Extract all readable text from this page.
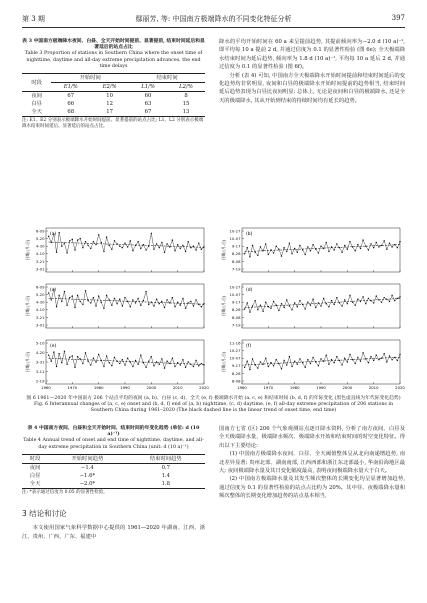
第 3 期	鄢丽芳, 等: 中国南方极端降水的不同变化特征分析	397
表 3 中国南方极端降水夜间、白昼、全天开始时间提前、显著提前, 结束时间延后和显著延后的站点占比
Table 3 Proportion of stations in Southern China where the onset time of nighttime, daytime and all-day extreme precipitation advances, the end time delays
时段	开始时间		结束时间	
	E1/%	E2/%	L1/%	L2/%
夜间	67	10	60	8
白昼	66	12	63	15
全天	68	17	67	13
注: E1、E2 分别表示极端降水开始时间提前、显著提前的站点占比; L1、L2 分别表示极端降水结束时间延后、显著延后的站点占比。

降水的平均开始时间在 60 a 来呈提前趋势, 其提前倾向率为−2.0 d (10 a)⁻¹, 即平均每 10 a 提前 2 d, 并通过信度为 0.1 的显著性检验 (图 6e); 全天极端降水结束时间为延后趋势, 倾向率为 1.8 d (10 a)⁻¹, 平均每 10 a 延后 2 d, 并通过信度为 0.1 的显著性检验 (图 6f)。

分析 (表 4) 可知, 中国南方全天极端降水开始时间提前和结束时间延后的变化趋势均非常明显, 夜间和白昼的极端降水开始时间提前的趋势相当, 结束时间延后趋势表现为白昼比夜间明显; 总体上, 无论是夜间和白昼的极端降水, 还是全天的极端降水, 其从开始到结束的持续时间均有延长的趋势。

6-09
5-20
4-30
4-10
3-21
3-01
日期/(月-日)
(a)
10-27
10-07
9-17
8-28
8-08
7-19
日期/(月-日)
(b)
6-09
5-20
4-30
4-10
3-21
3-01
日期/(月-日)
(c)
10-27
10-07
9-17
8-28
8-08
7-19
日期/(月-日)
(d)
5-10
4-20
3-31
3-11
2-19
日期/(月-日)
1960	1970	1980	1990	2000	2010	2020
(e)
11-16
10-27
10-07
9-17
8-28
8-08
日期/(月-日)
1960	1970	1980	1990	2000	2010	2020
(f)
图 6 1961—2020 年中国南方 206 个站点平均的夜间 (a, b)、白昼 (c, d)、全天 (e, f) 极端降水开始 (a, c, e) 和结束时间 (b, d, f) 的年际变化 (黑色虚直线为年代际变化趋势)
Fig. 6 Interannual changes of (a, c, e) onset and (b, d, f) end of (a, b) nighttime, (c, d) daytime, (e, f) all-day extreme precipitation of 206 stations in Southern China during 1961–2020 (The black dashed line is the linear trend of onset time, end time)
表 4 中国南方夜间、白昼和全天开始时间、结束时间的年变化趋势 (单位: d (10 a)⁻¹)
Table 4 Annual trend of onset and end time of nighttime, daytime, and all-day extreme precipitation in Southern China (unit: d (10 a)⁻¹)
时段	开始时间趋势	结束时间趋势
夜间	−1.4	0.7
白昼	−1.6*	1.4
全天	−2.0*	1.8
注: *表示通过信度为 0.05 的显著性检验。
3 结论和讨论

本文使用国家气象科学数据中心提供的 1961—2020 年湖南、江西、浙江、贵州、广西、广东、福建中

国南方七省 (区) 206 个气象观测站点逐日降水资料, 分析了南方夜间、白昼及全天极端降水量、极端降水频次、极端降水开始和结束时间的时空变化特征。得出以下主要结论:

(1) 中国南方极端降水夜间、白昼、全天阈值整体呈从北向南递增趋势, 南北差异显著; 贵州北部、湖南南部, 江西西部和浙江东北部最小, 华南沿海地区最大; 夜间极端降水量及其日变化幅度最高, 表明夜间极端降水量大于白天。

(2) 中国南方极端降水量及其发生频次整体的长期变化均呈显著增加趋势, 通过信度为 0.1 的显著性检验的站点占比约为 20%。其中昼、夜极端降水量和频次整体的长期变化增加趋势的站点基本相当,
